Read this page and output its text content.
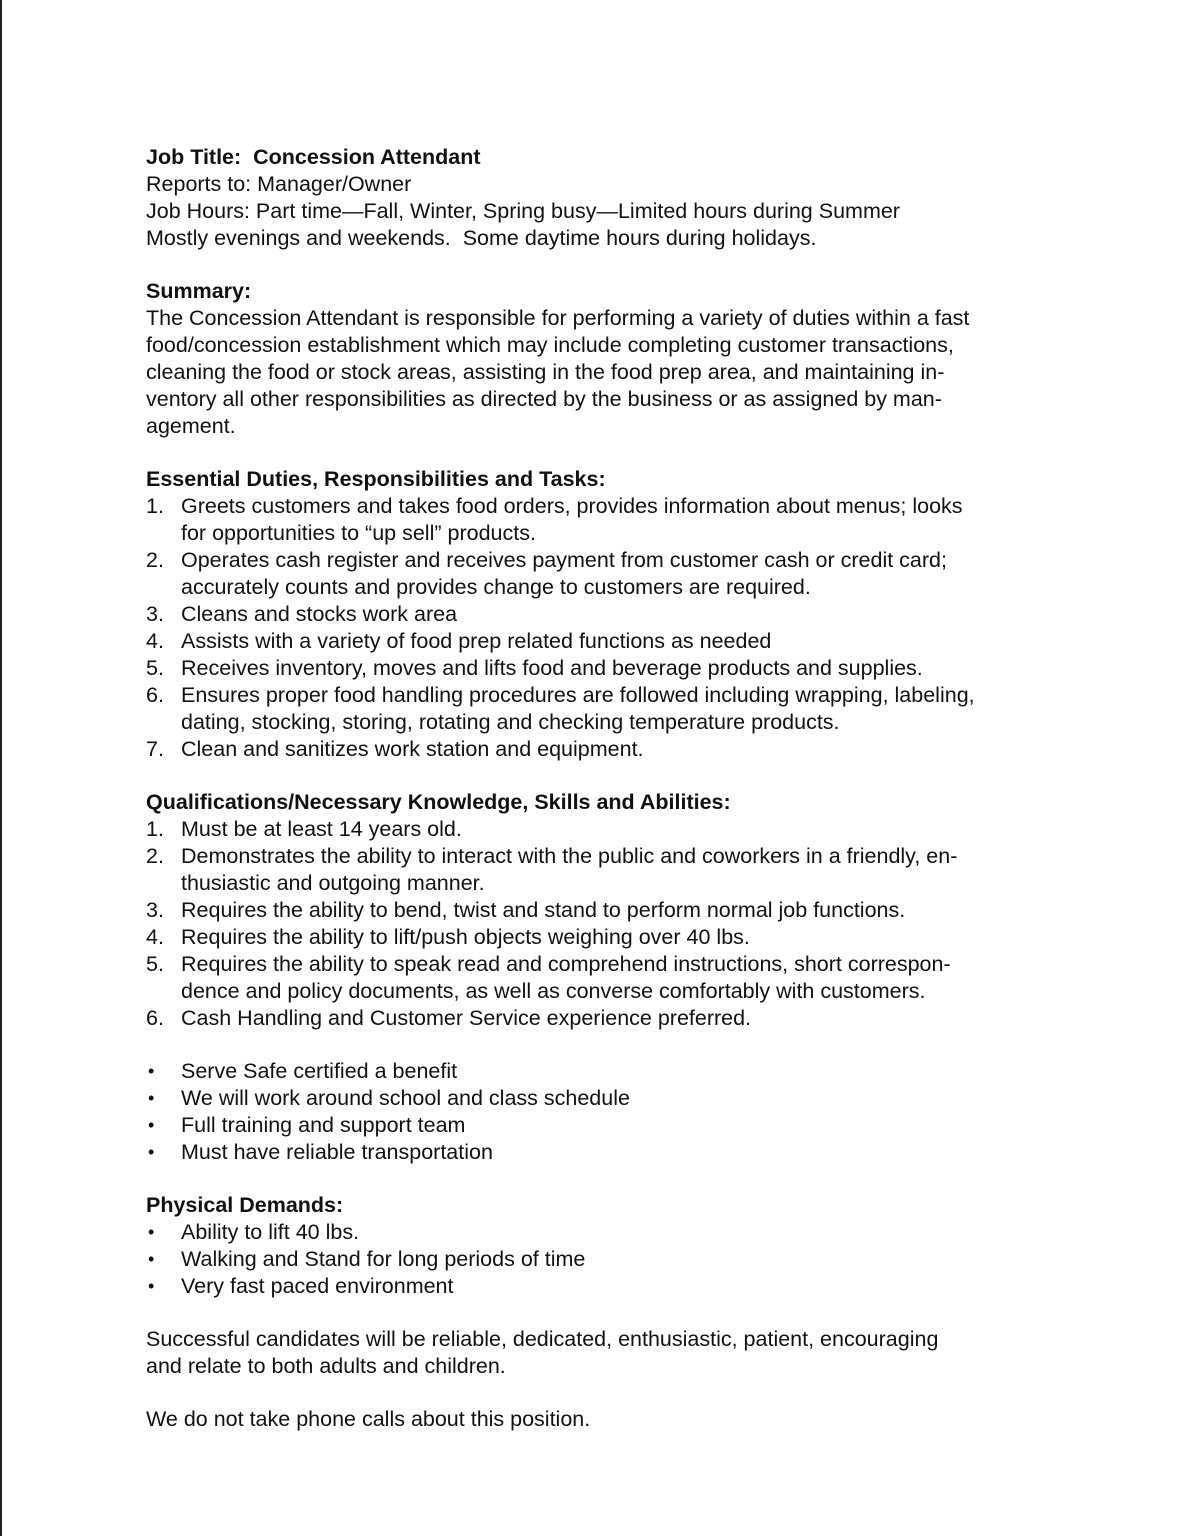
Job Title: Concession Attendant
Reports to: Manager/Owner
Job Hours: Part time—Fall, Winter, Spring busy—Limited hours during Summer
Mostly evenings and weekends.  Some daytime hours during holidays.
Summary:
The Concession Attendant is responsible for performing a variety of duties within a fast
food/concession establishment which may include completing customer transactions,
cleaning the food or stock areas, assisting in the food prep area, and maintaining in-
ventory all other responsibilities as directed by the business or as assigned by man-
agement.
Essential Duties, Responsibilities and Tasks:
1. Greets customers and takes food orders, provides information about menus; looks
for opportunities to “up sell” products.
2. Operates cash register and receives payment from customer cash or credit card;
accurately counts and provides change to customers are required.
3. Cleans and stocks work area
4. Assists with a variety of food prep related functions as needed
5. Receives inventory, moves and lifts food and beverage products and supplies.
6. Ensures proper food handling procedures are followed including wrapping, labeling,
dating, stocking, storing, rotating and checking temperature products.
7. Clean and sanitizes work station and equipment.
Qualifications/Necessary Knowledge, Skills and Abilities:
1. Must be at least 14 years old.
2. Demonstrates the ability to interact with the public and coworkers in a friendly, en-
thusiastic and outgoing manner.
3. Requires the ability to bend, twist and stand to perform normal job functions.
4. Requires the ability to lift/push objects weighing over 40 lbs.
5. Requires the ability to speak read and comprehend instructions, short correspon-
dence and policy documents, as well as converse comfortably with customers.
6. Cash Handling and Customer Service experience preferred.
• Serve Safe certified a benefit
• We will work around school and class schedule
• Full training and support team
• Must have reliable transportation
Physical Demands:
• Ability to lift 40 lbs.
• Walking and Stand for long periods of time
• Very fast paced environment
Successful candidates will be reliable, dedicated, enthusiastic, patient, encouraging
and relate to both adults and children.
We do not take phone calls about this position.
